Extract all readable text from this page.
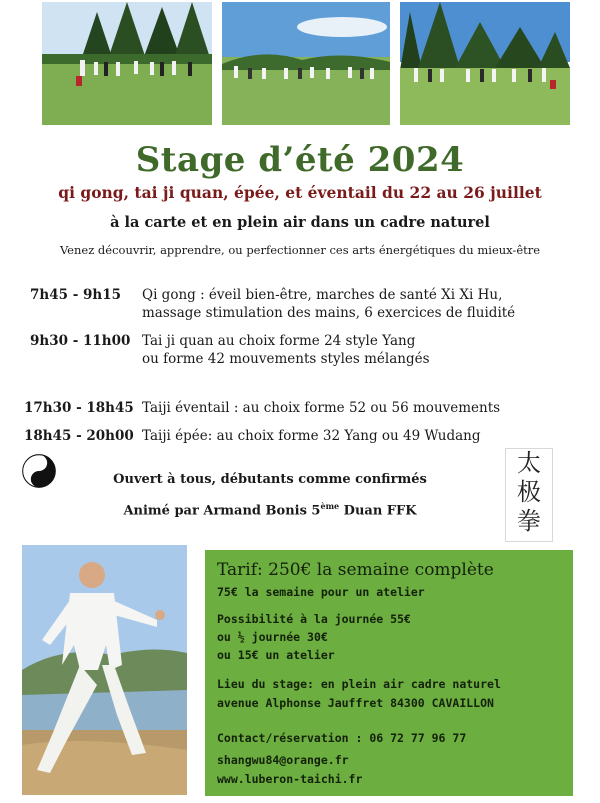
Stage d’été 2024
qi gong, tai ji quan, épée, et éventail du 22 au 26 juillet
à la carte et en plein air dans un cadre naturel
Venez découvrir, apprendre, ou perfectionner ces arts énergétiques du mieux-être
7h45 - 9h15 Qi gong : éveil bien-être, marches de santé Xi Xi Hu,
massage stimulation des mains, 6 exercices de fluidité
9h30 - 11h00 Tai ji quan au choix forme 24 style Yang
ou forme 42 mouvements styles mélangés
17h30 - 18h45 Taiji éventail : au choix forme 52 ou 56 mouvements
18h45 - 20h00 Taiji épée: au choix forme 32 Yang ou 49 Wudang
Ouvert à tous, débutants comme confirmés
Animé par Armand Bonis 5ème Duan FFK
太
极
拳
Tarif: 250€ la semaine complète
75€ la semaine pour un atelier
Possibilité à la journée 55€
ou ½ journée 30€
ou 15€ un atelier
Lieu du stage: en plein air cadre naturel
avenue Alphonse Jauffret 84300 CAVAILLON
Contact/réservation : 06 72 77 96 77
shangwu84@orange.fr
www.luberon-taichi.fr
